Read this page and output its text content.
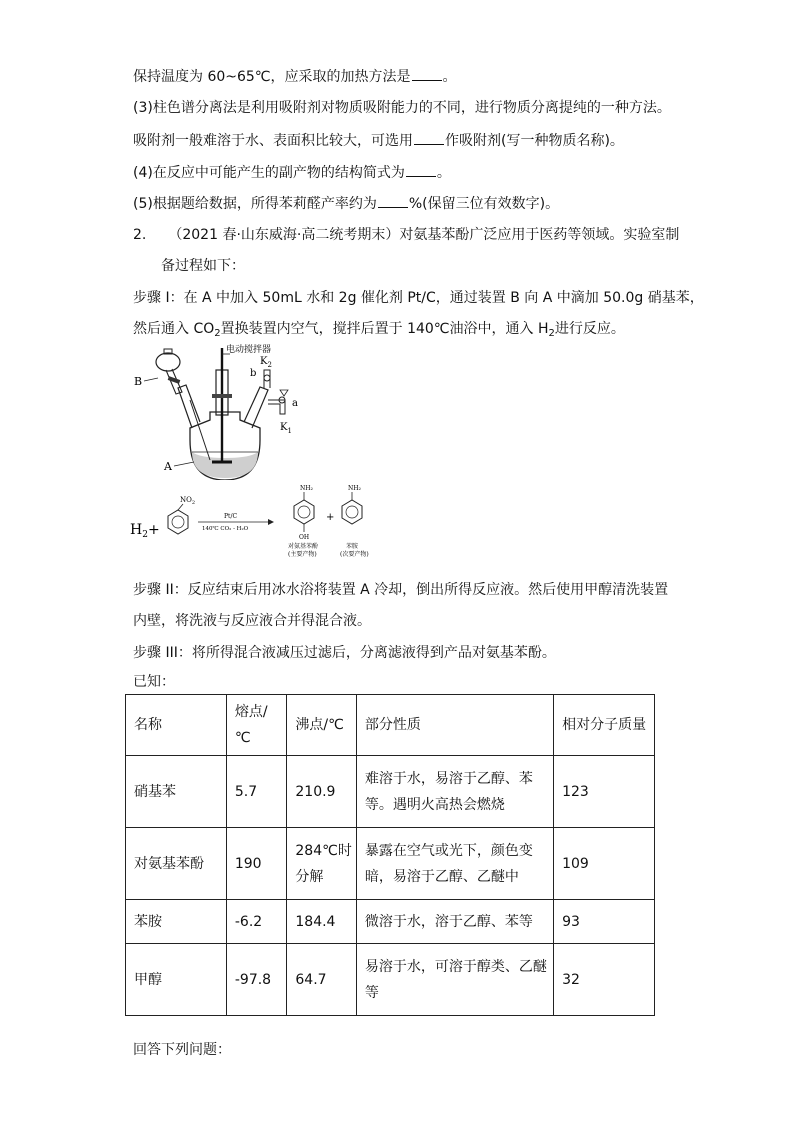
保持温度为 60~65℃，应采取的加热方法是 。
(3)柱色谱分离法是利用吸附剂对物质吸附能力的不同，进行物质分离提纯的一种方法。
吸附剂一般难溶于水、表面积比较大，可选用 作吸附剂(写一种物质名称)。
(4)在反应中可能产生的副产物的结构简式为 。
(5)根据题给数据，所得苯莉醛产率约为 %(保留三位有效数字)。
2. （2021 春·山东威海·高二统考期末）对氨基苯酚广泛应用于医药等领域。实验室制
备过程如下：
步骤 I：在 A 中加入 50mL 水和 2g 催化剂 Pt/C，通过装置 B 向 A 中滴加 50.0g 硝基苯，
然后通入 $CO_2$置换装置内空气，搅拌后置于 140℃油浴中，通入 $H_2$进行反应。
电动搅拌器
B
b
$K_2$
a
$K_1$
A
$H_2+$
$NO_2$
Pt/C
140℃ CO₂ - H₂O
NH₂
OH
对氨基苯酚
(主要产物)
+
NH₂
苯胺
(次要产物)
步骤 II：反应结束后用冰水浴将装置 A 冷却，倒出所得反应液。然后使用甲醇清洗装置
内壁，将洗液与反应液合并得混合液。
步骤 III：将所得混合液减压过滤后，分离滤液得到产品对氨基苯酚。
已知：
名称	熔点/℃	沸点/℃	部分性质	相对分子质量
硝基苯	5.7	210.9	难溶于水，易溶于乙醇、苯等。遇明火高热会燃烧	123
对氨基苯酚	190	284℃时分解	暴露在空气或光下，颜色变暗，易溶于乙醇、乙醚中	109
苯胺	-6.2	184.4	微溶于水，溶于乙醇、苯等	93
甲醇	-97.8	64.7	易溶于水，可溶于醇类、乙醚等	32
回答下列问题：
